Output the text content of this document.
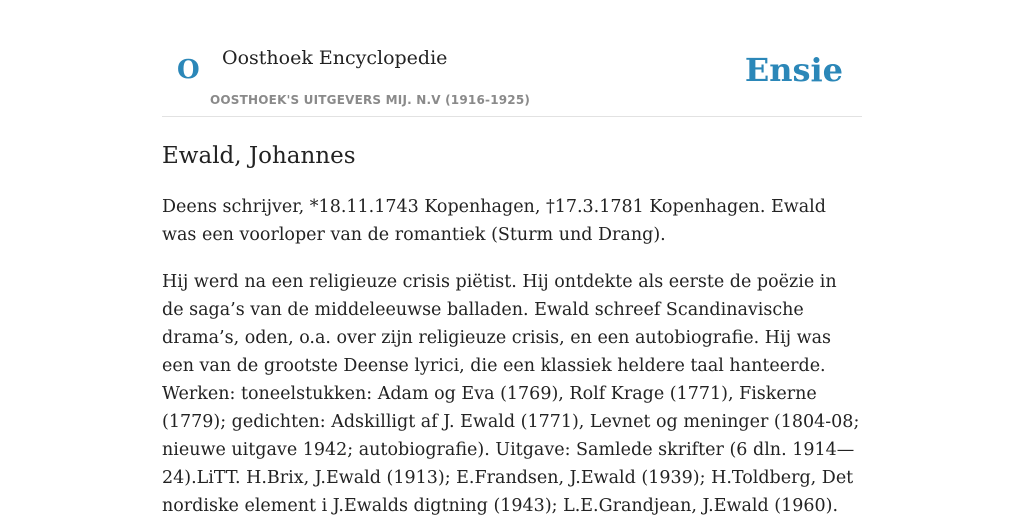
O Oosthoek Encyclopedie
OOSTHOEK'S UITGEVERS MIJ. N.V (1916-1925)
Ensie
Ewald, Johannes

Deens schrijver, *18.11.1743 Kopenhagen, †17.3.1781 Kopenhagen. Ewald was een voorloper van de romantiek (Sturm und Drang).

Hij werd na een religieuze crisis piëtist. Hij ontdekte als eerste de poëzie in de saga’s van de middeleeuwse balladen. Ewald schreef Scandinavische drama’s, oden, o.a. over zijn religieuze crisis, en een autobiografie. Hij was een van de grootste Deense lyrici, die een klassiek heldere taal hanteerde. Werken: toneelstukken: Adam og Eva (1769), Rolf Krage (1771), Fiskerne (1779); gedichten: Adskilligt af J. Ewald (1771), Levnet og meninger (1804-08; nieuwe uitgave 1942; autobiografie). Uitgave: Samlede skrifter (6 dln. 1914—24).LiTT. H.Brix, J.Ewald (1913); E.Frandsen, J.Ewald (1939); H.Toldberg, Det nordiske element i J.Ewalds digtning (1943); L.E.Grandjean, J.Ewald (1960).
